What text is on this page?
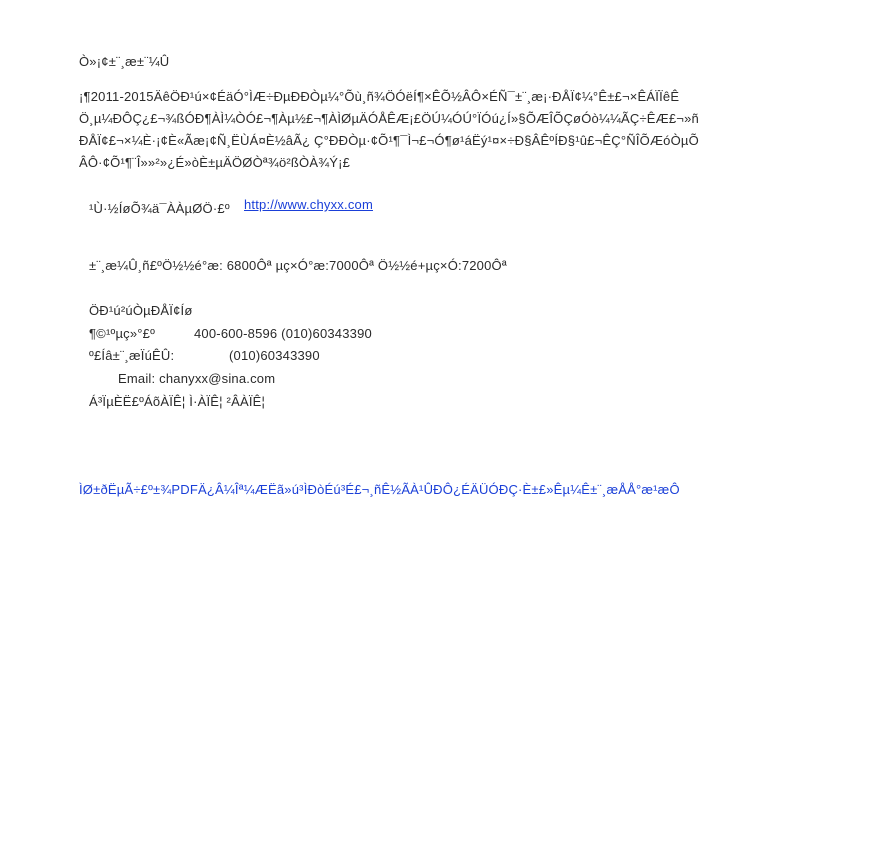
Ò»¡¢±¨¸æ±¨¼Û
¡¶2011-2015ÄêÖÐ¹ú×¢ÉäÓ°ÌÆ÷ÐµÐÐÒµ¼°Õù¸ñ¾ÖÓëÍ¶×ÊÕ½ÂÔ×ÉÑ¯±¨¸æ¡·ÐÅÏ¢¼°Ê±£¬×ÊÁÏÏêÊ
Ö¸µ¼ÐÔÇ¿£¬¾ßÓÐ¶ÀÌ¼ÒÓ£¬¶Àµ½£¬¶ÀÌØµÄÓÅÊÆ¡£ÖÚ¼ÓÚ°ÏÓú¿Í»§ÕÆÎÕÇøÓò¼¼ÃÇ÷ÊÆ£¬»ñ
ÐÅÏ¢£¬×¼È·¡¢È«Ãæ¡¢Ñ¸ËÙÁ¤È½âÃ¿ Ç°ÐÐÒµ·¢Õ¹¶¯Ì¬£¬Ó¶ø¹áËý¹¤×÷Ð§ÂÊºÍÐ§¹û£¬ÊÇ°ÑÎÕÆóÒµÕ
ÂÔ·¢Õ¹¶¨Î»»²»¿É»òÈ±µÄÖØÒª¾ö²ßÒÀ¾Ý¡£
¹Ù·½ÍøÕ¾ä¯ÀÀµØÖ·£º http://www.chyxx.com
±¨¸æ¼Û¸ñ£ºÖ½½é°æ: 6800Ôª µç×Ó°æ:7000Ôª Ö½½é+µç×Ó:7200Ôª
ÖÐ¹ú²úÒµÐÅÏ¢Íø
¶©¹ºµç»°£º	400-600-8596 (010)60343390
º£Íâ±¨¸æÏúÊÛ:	(010)60343390
Email: chanyxx@sina.com
Á³ÏµÈË£ºÁõÀÏÊ¦ Ì·ÀÏÊ¦ ²ÂÀÏÊ¦
ÌØ±ðËµÃ÷£º±¾PDFÄ¿Â¼Îª¼ÆËã»ú³ÌÐòÉú³É£¬¸ñÊ½ÃÀ¹ÛÐÔ¿ÉÄÜÓÐÇ·È±£»Êµ¼Ê±¨¸æÅÅ°æ¹æÔ
